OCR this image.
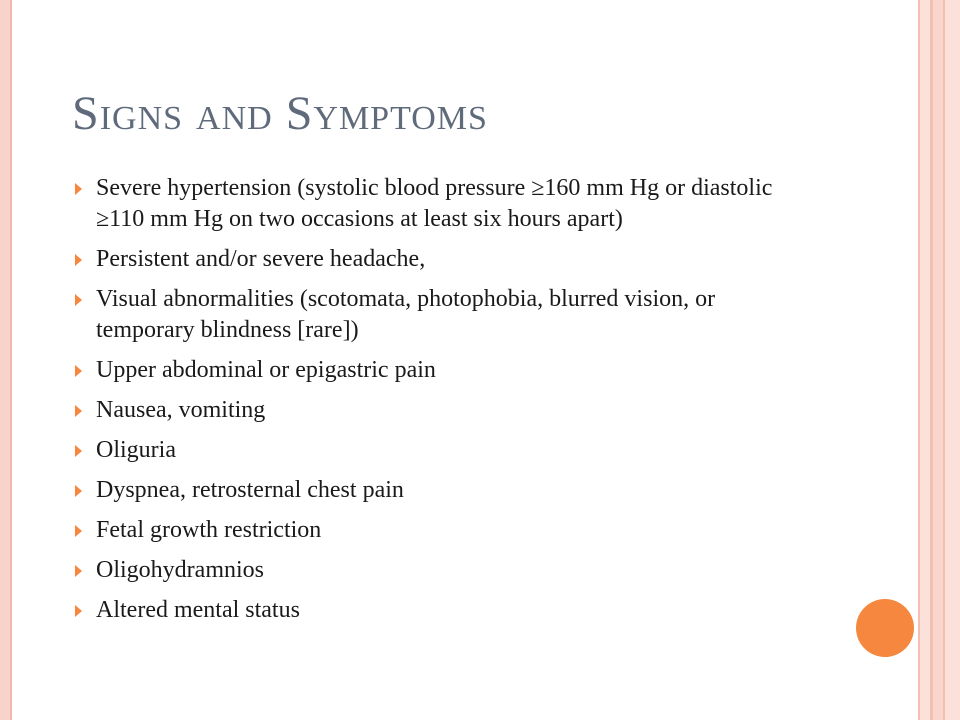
Signs and Symptoms
Severe hypertension (systolic blood pressure ≥160 mm Hg or diastolic ≥110 mm Hg on two occasions at least six hours apart)
Persistent and/or severe headache,
Visual abnormalities (scotomata, photophobia, blurred vision, or temporary blindness [rare])
Upper abdominal or epigastric pain
Nausea, vomiting
Oliguria
Dyspnea, retrosternal chest pain
Fetal growth restriction
Oligohydramnios
Altered mental status
